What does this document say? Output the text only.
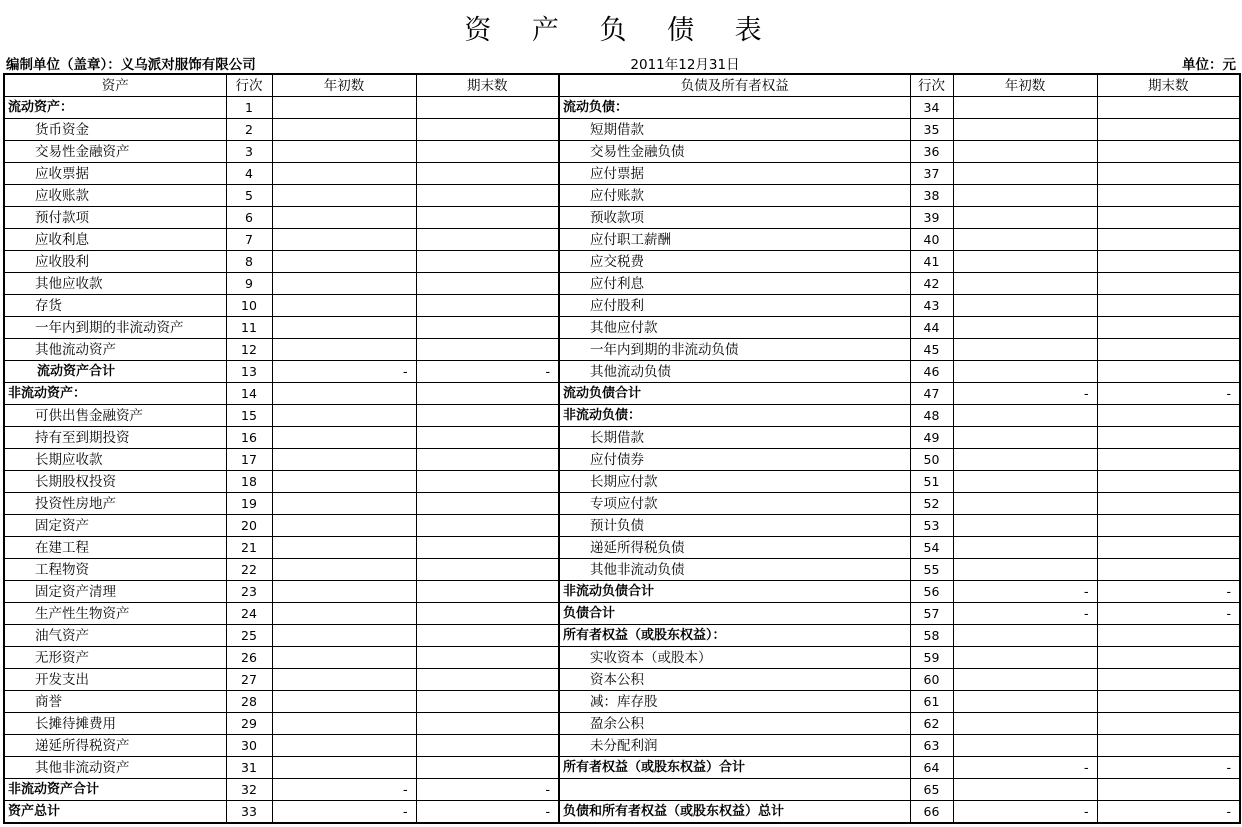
资 产 负 债 表
编制单位（盖章）：义乌派对服饰有限公司	2011年12月31日	单位：元
资产	行次	年初数	期末数	负债及所有者权益	行次	年初数	期末数
流动资产：	1			流动负债：	34		
货币资金	2			短期借款	35		
交易性金融资产	3			交易性金融负债	36		
应收票据	4			应付票据	37		
应收账款	5			应付账款	38		
预付款项	6			预收款项	39		
应收利息	7			应付职工薪酬	40		
应收股利	8			应交税费	41		
其他应收款	9			应付利息	42		
存货	10			应付股利	43		
一年内到期的非流动资产	11			其他应付款	44		
其他流动资产	12			一年内到期的非流动负债	45		
流动资产合计	13	-	-	其他流动负债	46		
非流动资产：	14			流动负债合计	47	-	-
可供出售金融资产	15			非流动负债：	48		
持有至到期投资	16			长期借款	49		
长期应收款	17			应付债券	50		
长期股权投资	18			长期应付款	51		
投资性房地产	19			专项应付款	52		
固定资产	20			预计负债	53		
在建工程	21			递延所得税负债	54		
工程物资	22			其他非流动负债	55		
固定资产清理	23			非流动负债合计	56	-	-
生产性生物资产	24			负债合计	57	-	-
油气资产	25			所有者权益（或股东权益）：	58		
无形资产	26			实收资本（或股本）	59		
开发支出	27			资本公积	60		
商誉	28			减：库存股	61		
长摊待摊费用	29			盈余公积	62		
递延所得税资产	30			未分配利润	63		
其他非流动资产	31			所有者权益（或股东权益）合计	64	-	-
非流动资产合计	32	-	-		65		
资产总计	33	-	-	负债和所有者权益（或股东权益）总计	66	-	-
